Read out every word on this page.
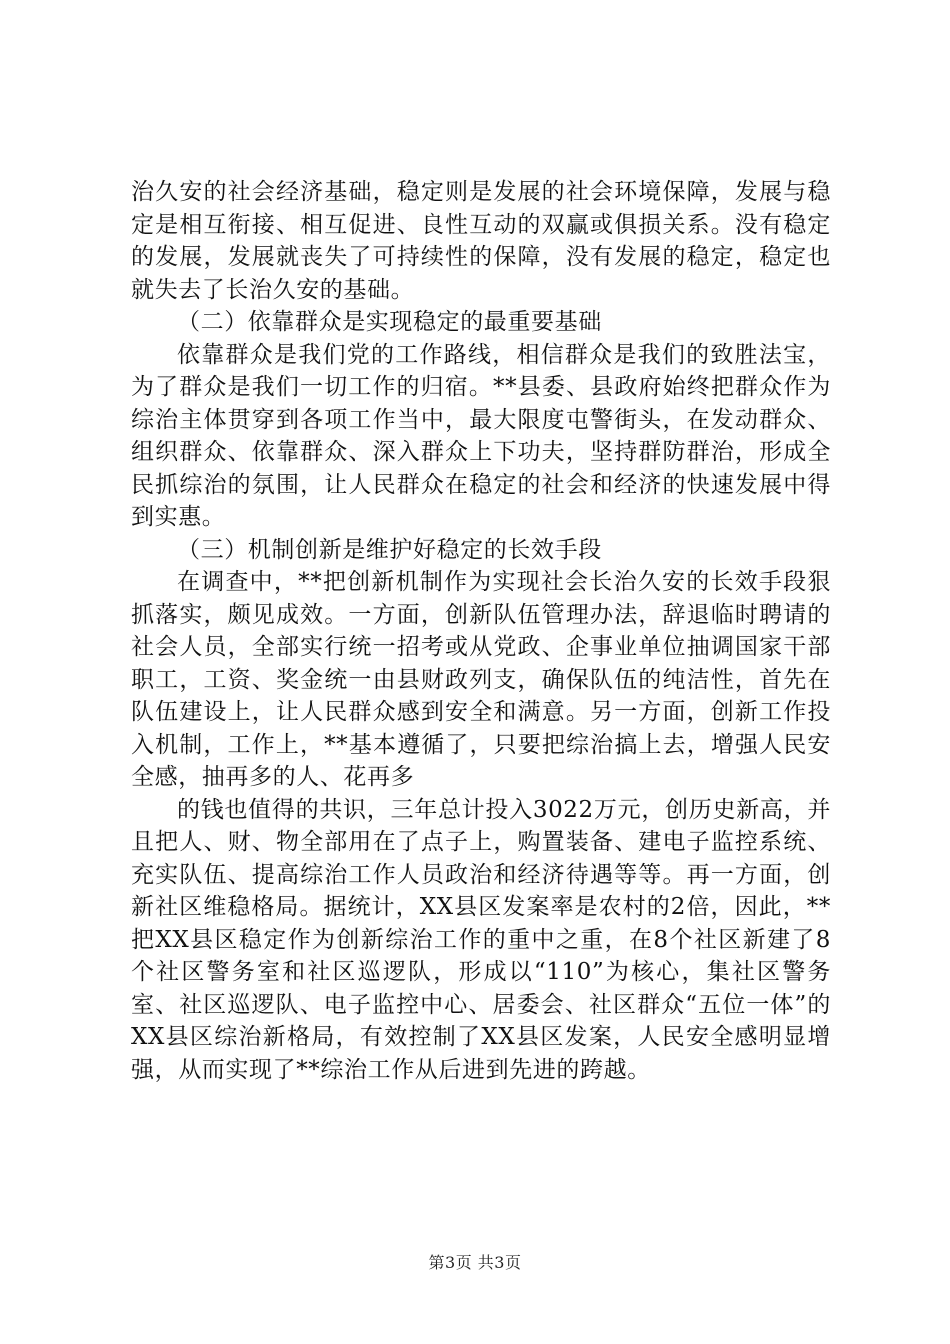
治久安的社会经济基础，稳定则是发展的社会环境保障，发展与稳定是相互衔接、相互促进、良性互动的双赢或俱损关系。没有稳定的发展，发展就丧失了可持续性的保障，没有发展的稳定，稳定也就失去了长治久安的基础。

（二）依靠群众是实现稳定的最重要基础

依靠群众是我们党的工作路线，相信群众是我们的致胜法宝，为了群众是我们一切工作的归宿。**县委、县政府始终把群众作为综治主体贯穿到各项工作当中，最大限度屯警街头，在发动群众、组织群众、依靠群众、深入群众上下功夫，坚持群防群治，形成全民抓综治的氛围，让人民群众在稳定的社会和经济的快速发展中得到实惠。

（三）机制创新是维护好稳定的长效手段

在调查中，**把创新机制作为实现社会长治久安的长效手段狠抓落实，颇见成效。一方面，创新队伍管理办法，辞退临时聘请的社会人员，全部实行统一招考或从党政、企事业单位抽调国家干部职工，工资、奖金统一由县财政列支，确保队伍的纯洁性，首先在队伍建设上，让人民群众感到安全和满意。另一方面，创新工作投入机制，工作上，**基本遵循了，只要把综治搞上去，增强人民安全感，抽再多的人、花再多

的钱也值得的共识，三年总计投入3022万元，创历史新高，并且把人、财、物全部用在了点子上，购置装备、建电子监控系统、充实队伍、提高综治工作人员政治和经济待遇等等。再一方面，创新社区维稳格局。据统计，XX县区发案率是农村的2倍，因此，**把XX县区稳定作为创新综治工作的重中之重，在8个社区新建了8个社区警务室和社区巡逻队，形成以“110”为核心，集社区警务室、社区巡逻队、电子监控中心、居委会、社区群众“五位一体”的XX县区综治新格局，有效控制了XX县区发案，人民安全感明显增强，从而实现了**综治工作从后进到先进的跨越。

第3页 共3页
